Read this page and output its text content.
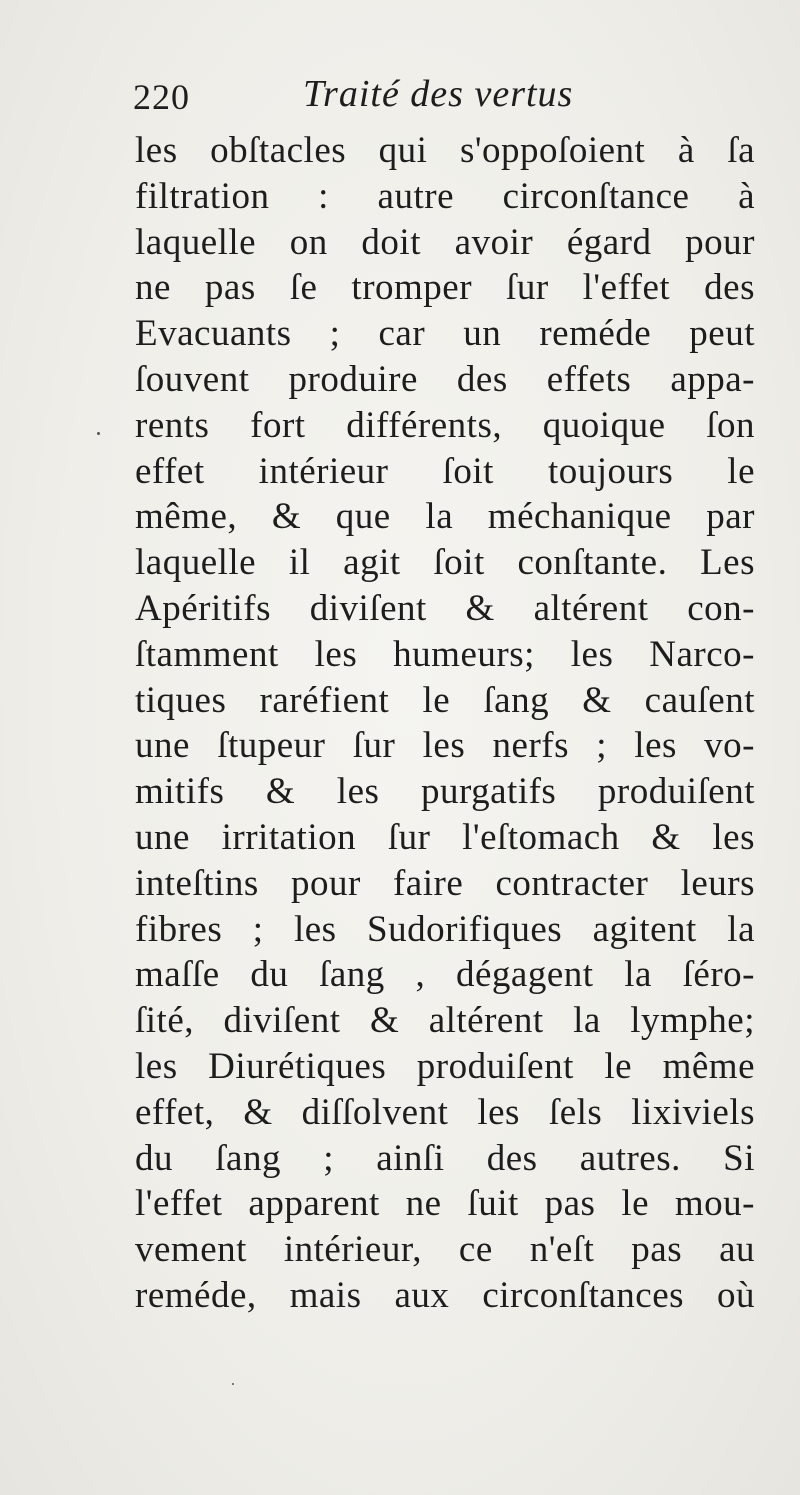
220	Traité des vertus
les obſtacles qui s'oppoſoient à ſa
filtration : autre circonſtance à
laquelle on doit avoir égard pour
ne pas ſe tromper ſur l'effet des
Evacuants ; car un reméde peut
ſouvent produire des effets appa-
rents fort différents, quoique ſon
effet intérieur ſoit toujours le
même, & que la méchanique par
laquelle il agit ſoit conſtante. Les
Apéritifs diviſent & altérent con-
ſtamment les humeurs; les Narco-
tiques raréfient le ſang & cauſent
une ſtupeur ſur les nerfs ; les vo-
mitifs & les purgatifs produiſent
une irritation ſur l'eſtomach & les
inteſtins pour faire contracter leurs
fibres ; les Sudorifiques agitent la
maſſe du ſang , dégagent la ſéro-
ſité, diviſent & altérent la lymphe;
les Diurétiques produiſent le même
effet, & diſſolvent les ſels lixiviels
du ſang ; ainſi des autres. Si
l'effet apparent ne ſuit pas le mou-
vement intérieur, ce n'eſt pas au
reméde, mais aux circonſtances où
